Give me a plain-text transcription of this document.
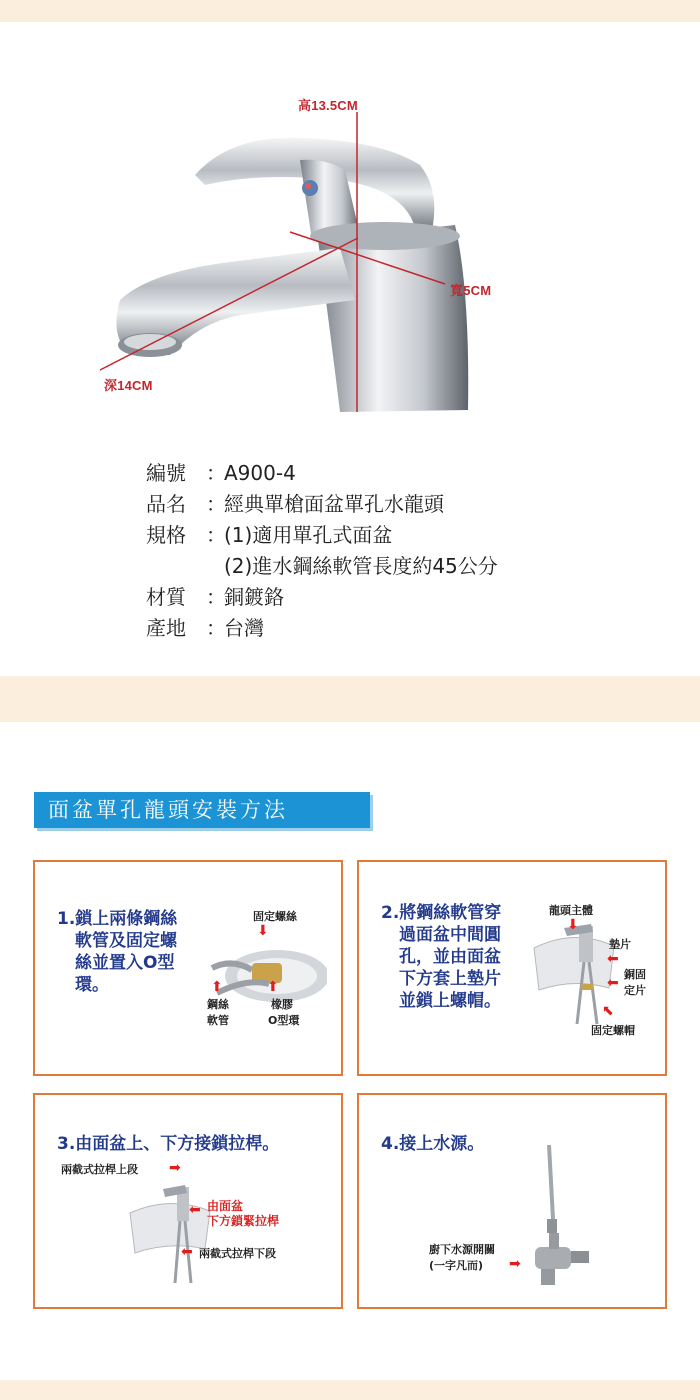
高13.5CM
寬5CM
深14CM
編號	：
A900-4
品名	：
經典單槍面盆單孔水龍頭
規格	：
(1)適用單孔式面盆
(2)進水鋼絲軟管長度約45公分
材質	：
銅鍍鉻
產地	：
台灣
面盆單孔龍頭安裝方法
1.鎖上兩條鋼絲
軟管及固定螺
絲並置入O型
環。
固定螺絲
⬇
⬆	⬆
鋼絲
軟管
橡膠
O型環
2.將鋼絲軟管穿
過面盆中間圓
孔，並由面盆
下方套上墊片
並鎖上螺帽。
龍頭主體
⬇
墊片
⬅
銅固
定片
⬅
⬉
固定螺帽
3.由面盆上、下方接鎖拉桿。
兩截式拉桿上段 ➡
⬅ 由面盆
下方鎖緊拉桿
⬅ 兩截式拉桿下段
4.接上水源。
廚下水源開關
(一字凡而)	➡
